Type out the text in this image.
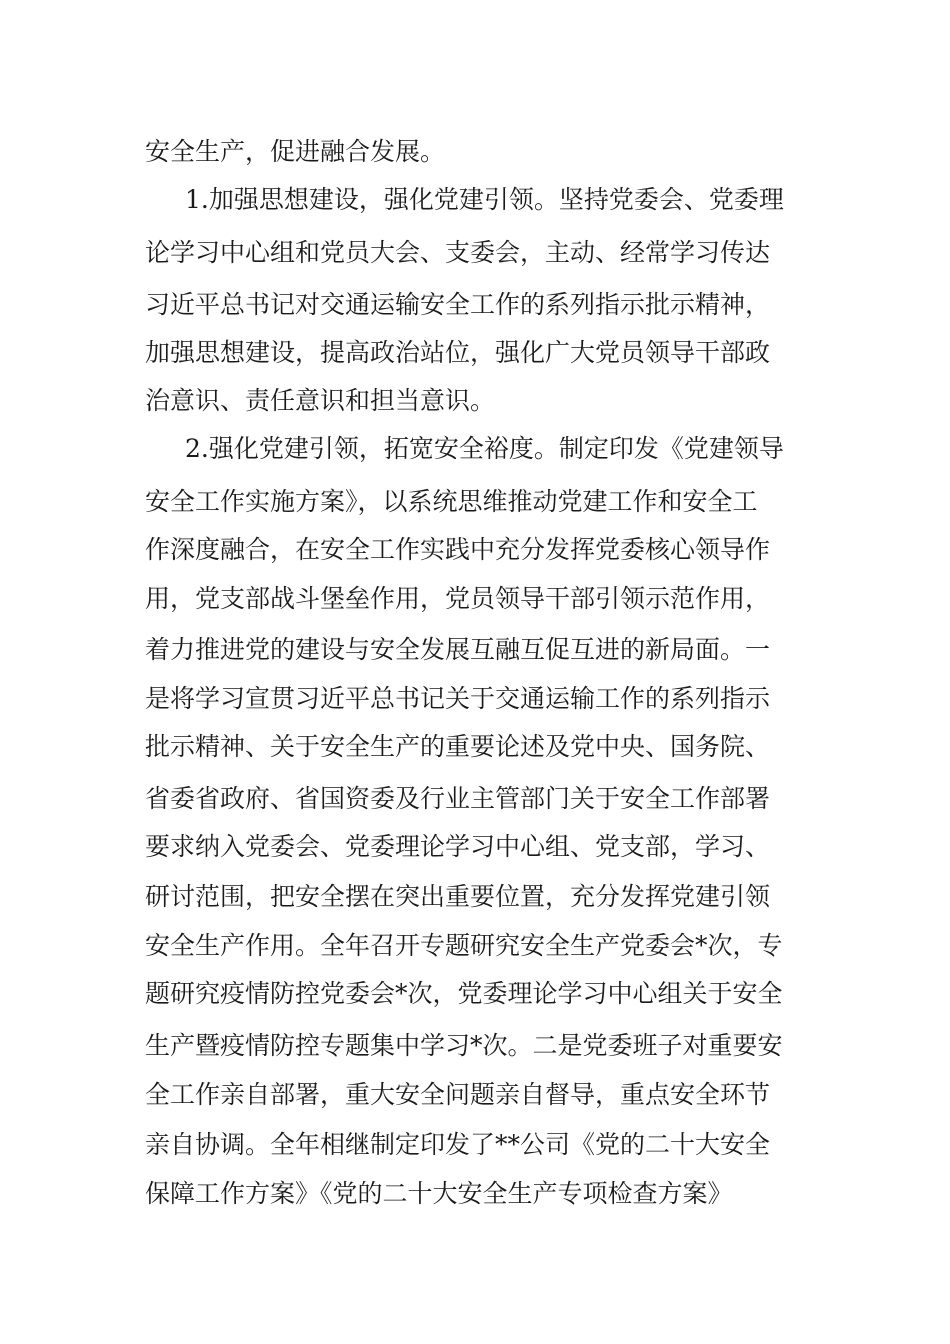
安全生产，促进融合发展。
1.加强思想建设，强化党建引领。坚持党委会、党委理
论学习中心组和党员大会、支委会，主动、经常学习传达
习近平总书记对交通运输安全工作的系列指示批示精神，
加强思想建设，提高政治站位，强化广大党员领导干部政
治意识、责任意识和担当意识。
2.强化党建引领，拓宽安全裕度。制定印发《党建领导
安全工作实施方案》，以系统思维推动党建工作和安全工
作深度融合，在安全工作实践中充分发挥党委核心领导作
用，党支部战斗堡垒作用，党员领导干部引领示范作用，
着力推进党的建设与安全发展互融互促互进的新局面。一
是将学习宣贯习近平总书记关于交通运输工作的系列指示
批示精神、关于安全生产的重要论述及党中央、国务院、
省委省政府、省国资委及行业主管部门关于安全工作部署
要求纳入党委会、党委理论学习中心组、党支部，学习、
研讨范围，把安全摆在突出重要位置，充分发挥党建引领
安全生产作用。全年召开专题研究安全生产党委会*次，专
题研究疫情防控党委会*次，党委理论学习中心组关于安全
生产暨疫情防控专题集中学习*次。二是党委班子对重要安
全工作亲自部署，重大安全问题亲自督导，重点安全环节
亲自协调。全年相继制定印发了**公司《党的二十大安全
保障工作方案》《党的二十大安全生产专项检查方案》
